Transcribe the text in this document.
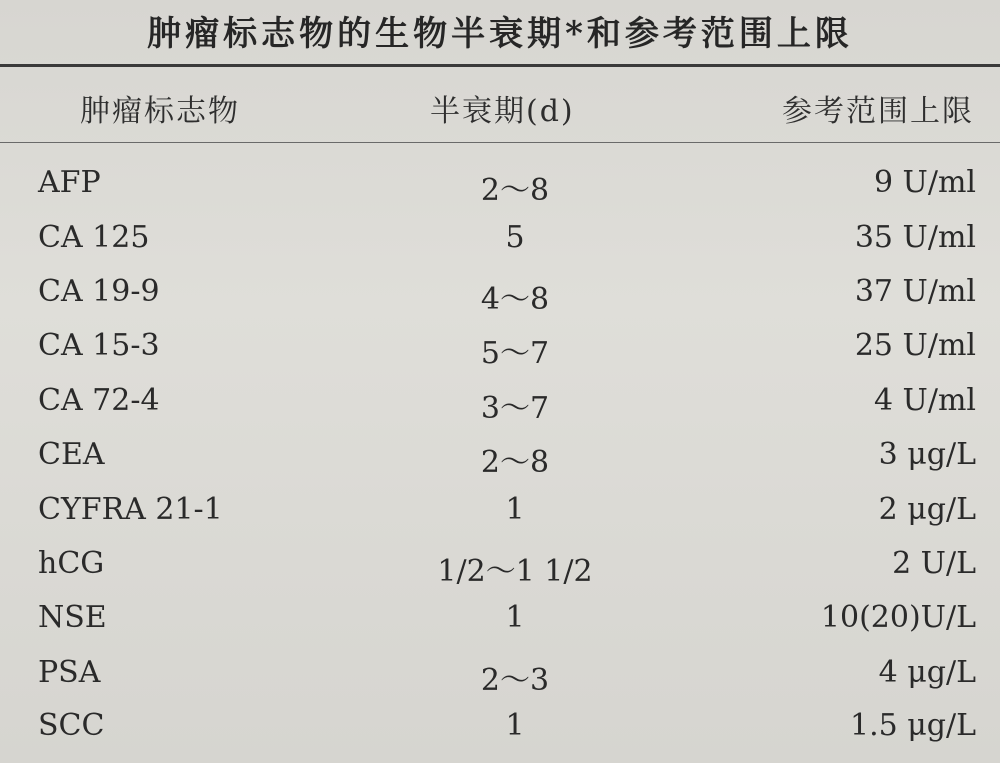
肿瘤标志物的生物半衰期*和参考范围上限
肿瘤标志物	半衰期(d)	参考范围上限
AFP	2～8	9 U/ml
CA 125	5	35 U/ml
CA 19-9	4～8	37 U/ml
CA 15-3	5～7	25 U/ml
CA 72-4	3～7	4 U/ml
CEA	2～8	3 μg/L
CYFRA 21-1	1	2 μg/L
hCG	1/2～1 1/2	2 U/L
NSE	1	10(20)U/L
PSA	2～3	4 μg/L
SCC	1	1.5 μg/L
